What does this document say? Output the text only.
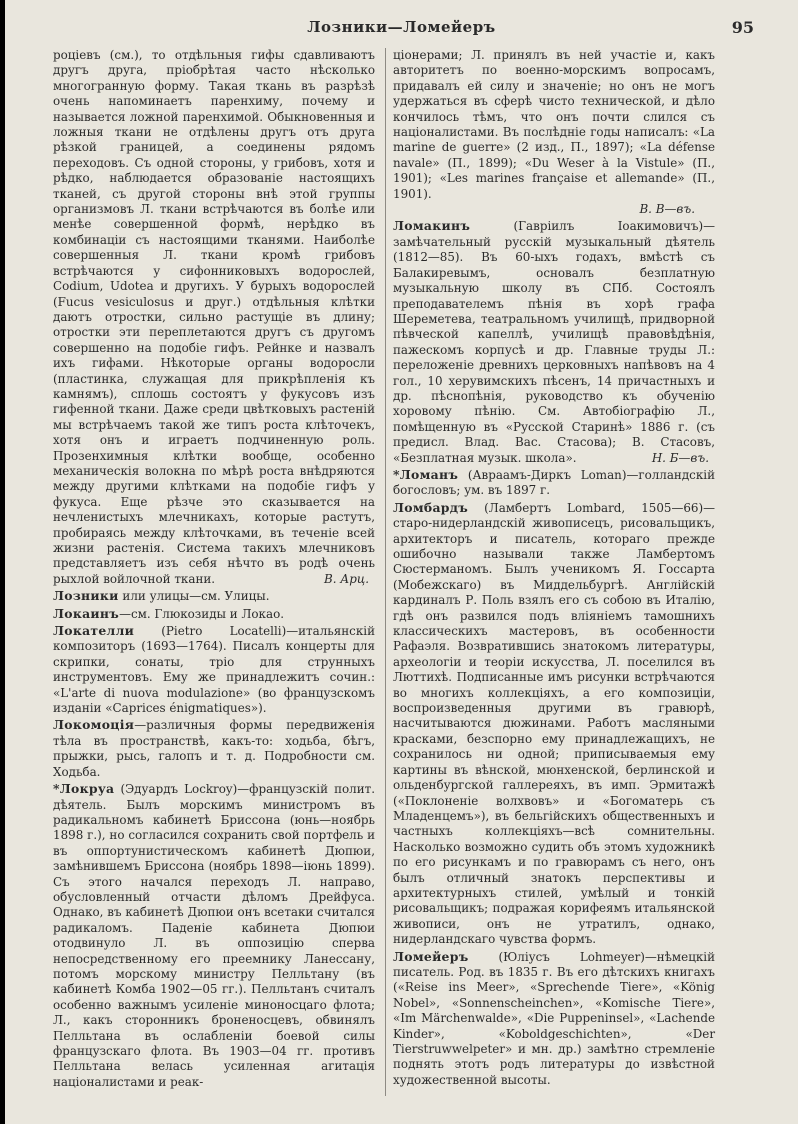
Лозники—Ломейеръ	95

роцiевъ (см.), то отдѣльныя гифы сдавливаютъ другъ друга, прiобрѣтая часто нѣсколько многогранную форму. Такая ткань въ разрѣзѣ очень напоминаетъ паренхиму, почему и называется ложной паренхимой. Обыкновенныя и ложныя ткани не отдѣлены другъ отъ друга рѣзкой границей, а соединены рядомъ переходовъ. Съ одной стороны, у грибовъ, хотя и рѣдко, наблюдается образованiе настоящихъ тканей, съ другой стороны внѣ этой группы организмовъ Л. ткани встрѣчаются въ болѣе или менѣе совершенной формѣ, нерѣдко въ комбинацiи съ настоящими тканями. Наиболѣе совершенныя Л. ткани кромѣ грибовъ встрѣчаются у сифонниковыхъ водорослей, Codium, Udotea и другихъ. У бурыхъ водорослей (Fucus vesiculosus и друг.) отдѣльныя клѣтки даютъ отростки, сильно растущiе въ длину; отростки эти переплетаются другъ съ другомъ совершенно на подобiе гифъ. Рейнке и назвалъ ихъ гифами. Нѣкоторые органы водоросли (пластинка, служащая для прикрѣпленiя къ камнямъ), сплошь состоятъ у фукусовъ изъ гифенной ткани. Даже среди цвѣтковыхъ растенiй мы встрѣчаемъ такой же типъ роста клѣточекъ, хотя онъ и играетъ подчиненную роль. Прозенхимныя клѣтки вообще, особенно механическiя волокна по мѣрѣ роста внѣдряются между другими клѣтками на подобiе гифъ у фукуса. Еще рѣзче это сказывается на нечленистыхъ млечникахъ, которые растутъ, пробираясь между клѣточками, въ теченiе всей жизни растенiя. Система такихъ млечниковъ представляетъ изъ себя нѣчто въ родѣ очень рыхлой войлочной ткани.	В. Арц.

Лозники или улицы—см. Улицы.

Локаинъ—см. Глюкозиды и Локао.

Локателли (Pietro Locatelli)—итальянскiй композиторъ (1693—1764). Писалъ концерты для скрипки, сонаты, трiо для струнныхъ инструментовъ. Ему же принадлежитъ сочин.: «L'arte di nuova modulazione» (во французскомъ изданiи «Caprices énigmatiques»).

Локомоцiя—различныя формы передвиженiя тѣла въ пространствѣ, какъ-то: ходьба, бѣгъ, прыжки, рысь, галопъ и т. д. Подробности см. Ходьба.

*Локруа (Эдуардъ Lockroy)—французскiй полит. дѣятель. Былъ морскимъ министромъ въ радикальномъ кабинетѣ Бриссона (юнь—ноябрь 1898 г.), но согласился сохранить свой портфель и въ оппортунистическомъ кабинетѣ Дюпюи, замѣнившемъ Бриссона (ноябрь 1898—iюнь 1899). Съ этого начался переходъ Л. направо, обусловленный отчасти дѣломъ Дрейфуса. Однако, въ кабинетѣ Дюпюи онъ всетаки считался радикаломъ. Паденiе кабинета Дюпюи отодвинуло Л. въ оппозицiю сперва непосредственному его преемнику Ланессану, потомъ морскому министру Пелльтану (въ кабинетѣ Комба 1902—05 гг.). Пелльтанъ считалъ особенно важнымъ усиленiе миноносцаго флота; Л., какъ сторонникъ броненосцевъ, обвинялъ Пелльтана въ ослабленiи боевой силы французскаго флота. Въ 1903—04 гг. противъ Пелльтана велась усиленная агитацiя нацiоналистами и реак-

цiонерами; Л. принялъ въ ней участiе и, какъ авторитетъ по военно-морскимъ вопросамъ, придавалъ ей силу и значенiе; но онъ не могъ удержаться въ сферѣ чисто технической, и дѣло кончилось тѣмъ, что онъ почти слился съ нацiоналистами. Въ послѣднiе годы написалъ: «La marine de guerre» (2 изд., П., 1897); «La défense navale» (П., 1899); «Du Weser à la Vistule» (П., 1901); «Les marines française et allemande» (П., 1901).
В. В—въ.

Ломакинъ	(Гаврiилъ Iоакимовичъ)—замѣчательный русскiй музыкальный дѣятель (1812—85). Въ 60-ыхъ годахъ, вмѣстѣ съ Балакиревымъ, основалъ безплатную музыкальную школу въ СПб. Состоялъ преподавателемъ пѣнiя въ хорѣ графа Шереметева, театральномъ училищѣ, придворной пѣвческой капеллѣ, училищѣ правовѣдѣнiя, пажескомъ корпусѣ и др. Главные труды Л.: переложенiе древнихъ церковныхъ напѣвовъ на 4 гол., 10 херувимскихъ пѣсенъ, 14 причастныхъ и др. пѣснопѣнiя, руководство къ обученiю хоровому пѣнiю. См. Автобiографiю Л., помѣщенную въ «Русской Старинѣ» 1886 г. (съ предисл. Влад. Вас. Стасова); В. Стасовъ, «Безплатная музык. школа».	Н. Б—въ.

*Ломанъ (Авраамъ-Диркъ Loman)—голландскiй богословъ; ум. въ 1897 г.

Ломбардъ (Ламбертъ Lombard, 1505—66)—старо-нидерландскiй живописецъ, рисовальщикъ, архитекторъ и писатель, котораго прежде ошибочно называли также Ламбертомъ Сюстерманомъ. Былъ ученикомъ Я. Госсарта (Мобежскаго) въ Миддельбургѣ. Англiйскiй кардиналъ Р. Поль взялъ его съ собою въ Италiю, гдѣ онъ развился подъ влiянiемъ тамошнихъ классическихъ мастеровъ, въ особенности Рафаэля. Возвратившись знатокомъ литературы, археологiи и теорiи искусства, Л. поселился въ Люттихѣ. Подписанные имъ рисунки встрѣчаются во многихъ коллекцiяхъ, а его композицiи, воспроизведенныя другими въ гравюрѣ, насчитываются дюжинами. Работъ масляными красками, безспорно ему принадлежащихъ, не сохранилось ни одной; приписываемыя ему картины въ вѣнской, мюнхенской, берлинской и ольденбургской галлереяхъ, въ имп. Эрмитажѣ («Поклоненiе волхвовъ» и «Богоматерь съ Младенцемъ»), въ бельгiйскихъ общественныхъ и частныхъ коллекцiяхъ—всѣ сомнительны. Насколько возможно судить объ этомъ художникѣ по его рисункамъ и по гравюрамъ съ него, онъ былъ отличный знатокъ перспективы и архитектурныхъ стилей, умѣлый и тонкiй рисовальщикъ; подражая корифеямъ итальянской живописи, онъ не утратилъ, однако, нидерландскаго чувства формъ.

Ломейеръ	(Юлiусъ Lohmeyer)—нѣмецкiй писатель. Род. въ 1835 г. Въ его дѣтскихъ книгахъ («Reise ins Meer», «Sprechende Tiere», «König Nobel», «Sonnenscheinchen», «Komische Tiere», «Im Märchenwalde», «Die Puppeninsel», «Lachende Kinder», «Koboldgeschichten», «Der Tierstruwwelpeter» и мн. др.) замѣтно стремленiе поднять этотъ родъ литературы до извѣстной художественной высоты.
